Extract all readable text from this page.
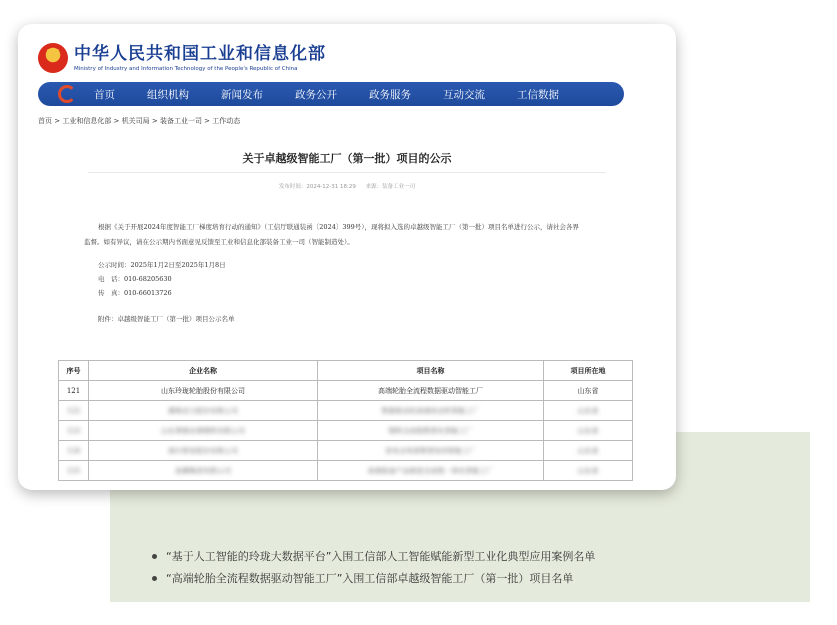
中华人民共和国工业和信息化部
Ministry of Industry and Information Technology of the People's Republic of China
首页	组织机构	新闻发布	政务公开	政务服务	互动交流	工信数据
首页 > 工业和信息化部 > 机关司局 > 装备工业一司 > 工作动态
关于卓越级智能工厂（第一批）项目的公示
发布时间：2024-12-31 18:29 来源：装备工业一司
根据《关于开展2024年度智能工厂梯度培育行动的通知》（工信厅联通装函〔2024〕399号），现将拟入选的卓越级智能工厂（第一批）项目名单进行公示，请社会各界监督。如有异议，请在公示期内书面意见反馈至工业和信息化部装备工业一司（智能制造处）。
公示时间：2025年1月2日至2025年1月8日
电　话：010-68205630
传　真：010-66013726
附件：卓越级智能工厂（第一批）项目公示名单
序号	企业名称	项目名称	项目所在地
121	山东玲珑轮胎股份有限公司	高端轮胎全流程数据驱动智能工厂	山东省
122	潍柴动力股份有限公司	数据驱动的高端发动机智能工厂	山东省
123	山东莱钢永锋钢铁有限公司	钢铁全流程数智化智能工厂	山东省
124	海尔智家股份有限公司	家电全场景数智协同智能工厂	山东省
125	浪潮集团有限公司	高端装备产品制造全流程一体化智能工厂	山东省
“基于人工智能的玲珑大数据平台”入围工信部人工智能赋能新型工业化典型应用案例名单
“高端轮胎全流程数据驱动智能工厂”入围工信部卓越级智能工厂（第一批）项目名单
